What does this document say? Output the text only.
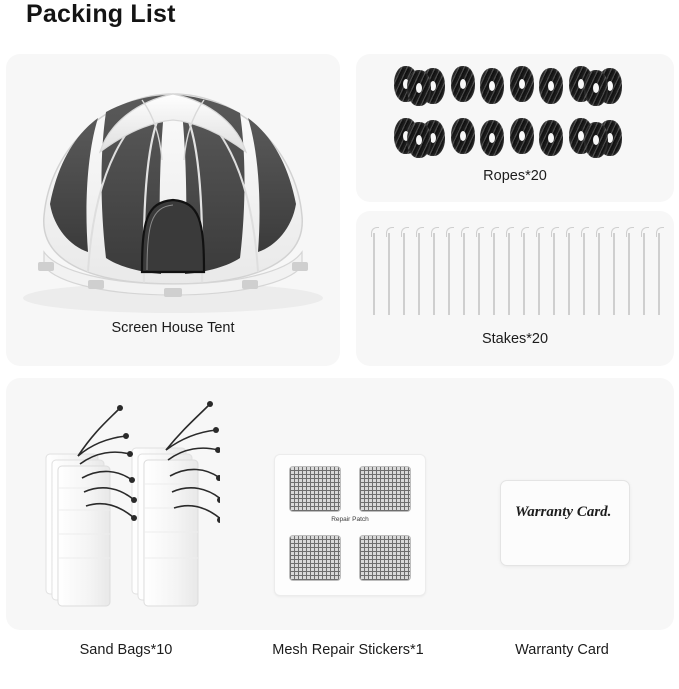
Packing List
Screen House Tent
Ropes*20
Stakes*20
Sand Bags*10
Repair Patch
Mesh Repair Stickers*1
Warranty Card.
Warranty Card
